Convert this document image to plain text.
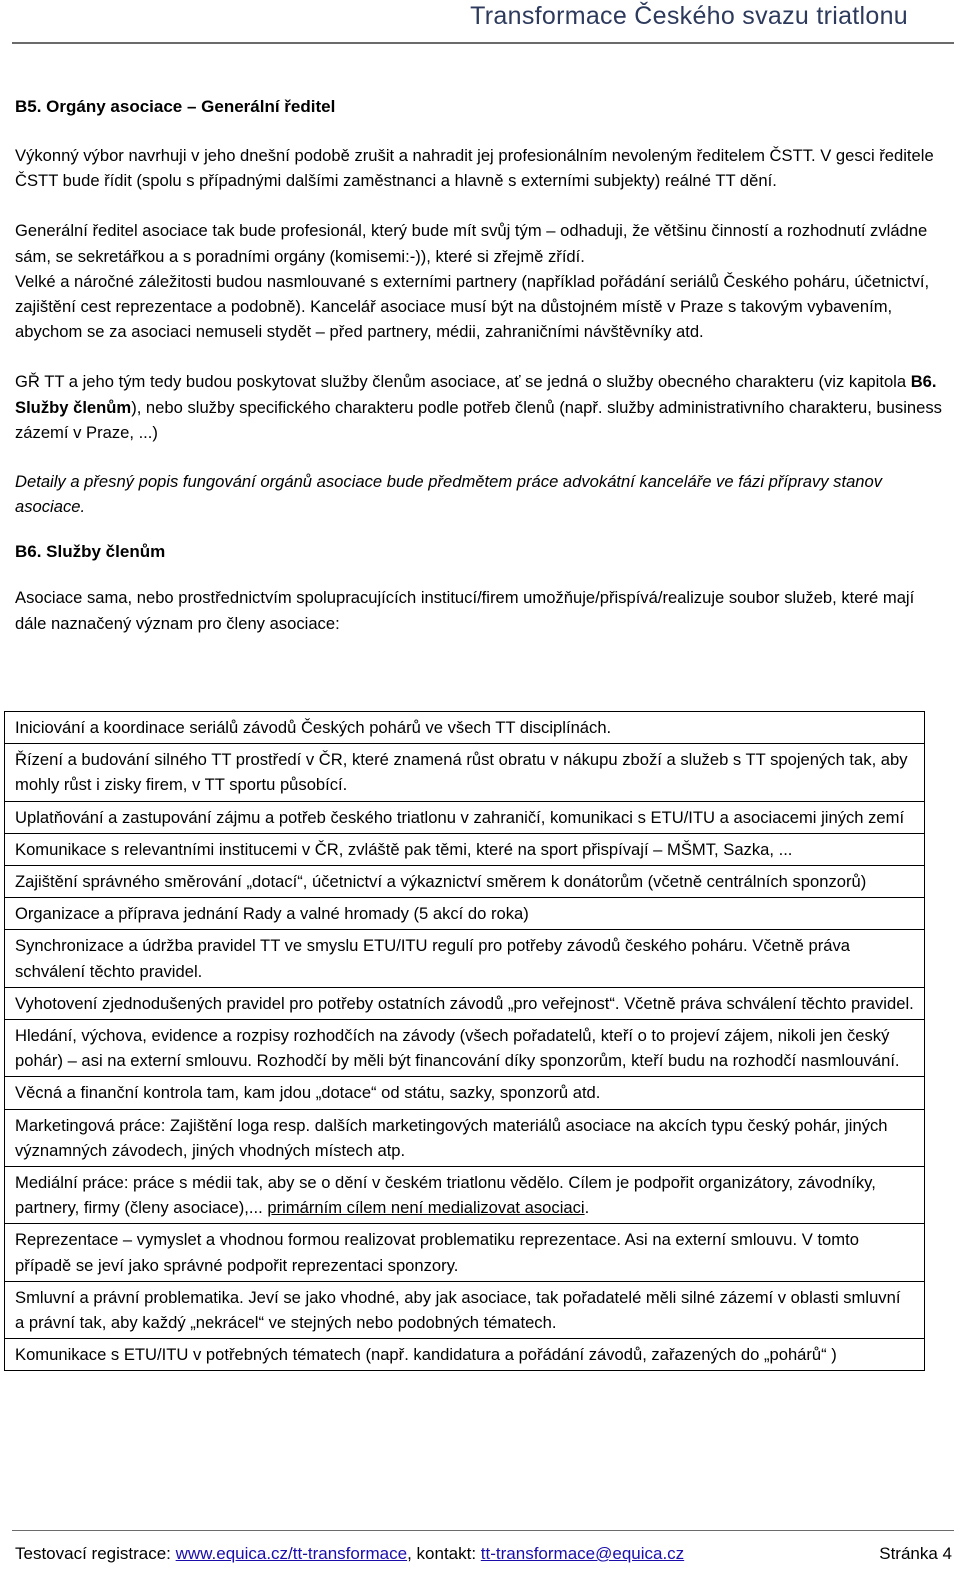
Transformace Českého svazu triatlonu
B5. Orgány asociace – Generální ředitel

Výkonný výbor navrhuji v jeho dnešní podobě zrušit a nahradit jej profesionálním nevoleným ředitelem ČSTT. V gesci ředitele ČSTT bude řídit (spolu s případnými dalšími zaměstnanci a hlavně s externími subjekty) reálné TT dění.

Generální ředitel asociace tak bude profesionál, který bude mít svůj tým – odhaduji, že většinu činností a rozhodnutí zvládne sám, se sekretářkou a s poradními orgány (komisemi:-)), které si zřejmě zřídí.

Velké a náročné záležitosti budou nasmlouvané s externími partnery (například pořádání seriálů Českého poháru, účetnictví, zajištění cest reprezentace a podobně). Kancelář asociace musí být na důstojném místě v Praze s takovým vybavením, abychom se za asociaci nemuseli stydět – před partnery, médii, zahraničními návštěvníky atd.

GŘ TT a jeho tým tedy budou poskytovat služby členům asociace, ať se jedná o služby obecného charakteru (viz kapitola B6. Služby členům), nebo služby specifického charakteru podle potřeb členů (např. služby administrativního charakteru, business zázemí v Praze, ...)

Detaily a přesný popis fungování orgánů asociace bude předmětem práce advokátní kanceláře ve fázi přípravy stanov asociace.

B6. Služby členům

Asociace sama, nebo prostřednictvím spolupracujících institucí/firem umožňuje/přispívá/realizuje soubor služeb, které mají dále naznačený význam pro členy asociace:

Iniciování a koordinace seriálů závodů Českých pohárů ve všech TT disciplínách.
Řízení a budování silného TT prostředí v ČR, které znamená růst obratu v nákupu zboží a služeb s TT spojených tak, aby mohly růst i zisky firem, v TT sportu působící.
Uplatňování a zastupování zájmu a potřeb českého triatlonu v zahraničí, komunikaci s ETU/ITU a asociacemi jiných zemí
Komunikace s relevantními institucemi v ČR, zvláště pak těmi, které na sport přispívají – MŠMT, Sazka, ...
Zajištění správného směrování „dotací“, účetnictví a výkaznictví směrem k donátorům (včetně centrálních sponzorů)
Organizace a příprava jednání Rady a valné hromady (5 akcí do roka)
Synchronizace a údržba pravidel TT ve smyslu ETU/ITU regulí pro potřeby závodů českého poháru. Včetně práva schválení těchto pravidel.
Vyhotovení zjednodušených pravidel pro potřeby ostatních závodů „pro veřejnost“. Včetně práva schválení těchto pravidel.
Hledání, výchova, evidence a rozpisy rozhodčích na závody (všech pořadatelů, kteří o to projeví zájem, nikoli jen český pohár) – asi na externí smlouvu. Rozhodčí by měli být financování díky sponzorům, kteří budu na rozhodčí nasmlouvání.
Věcná a finanční kontrola tam, kam jdou „dotace“ od státu, sazky, sponzorů atd.
Marketingová práce: Zajištění loga resp. dalších marketingových materiálů asociace na akcích typu český pohár, jiných významných závodech, jiných vhodných místech atp.
Mediální práce: práce s médii tak, aby se o dění v českém triatlonu vědělo. Cílem je podpořit organizátory, závodníky, partnery, firmy (členy asociace),... primárním cílem není medializovat asociaci.
Reprezentace – vymyslet a vhodnou formou realizovat problematiku reprezentace. Asi na externí smlouvu. V tomto případě se jeví jako správné podpořit reprezentaci sponzory.
Smluvní a právní problematika. Jeví se jako vhodné, aby jak asociace, tak pořadatelé měli silné zázemí v oblasti smluvní a právní tak, aby každý „nekrácel“ ve stejných nebo podobných tématech.
Komunikace s ETU/ITU v potřebných tématech (např. kandidatura a pořádání závodů, zařazených do „pohárů“ )
Testovací registrace: www.equica.cz/tt-transformace, kontakt: tt-transformace@equica.cz	Stránka 4
